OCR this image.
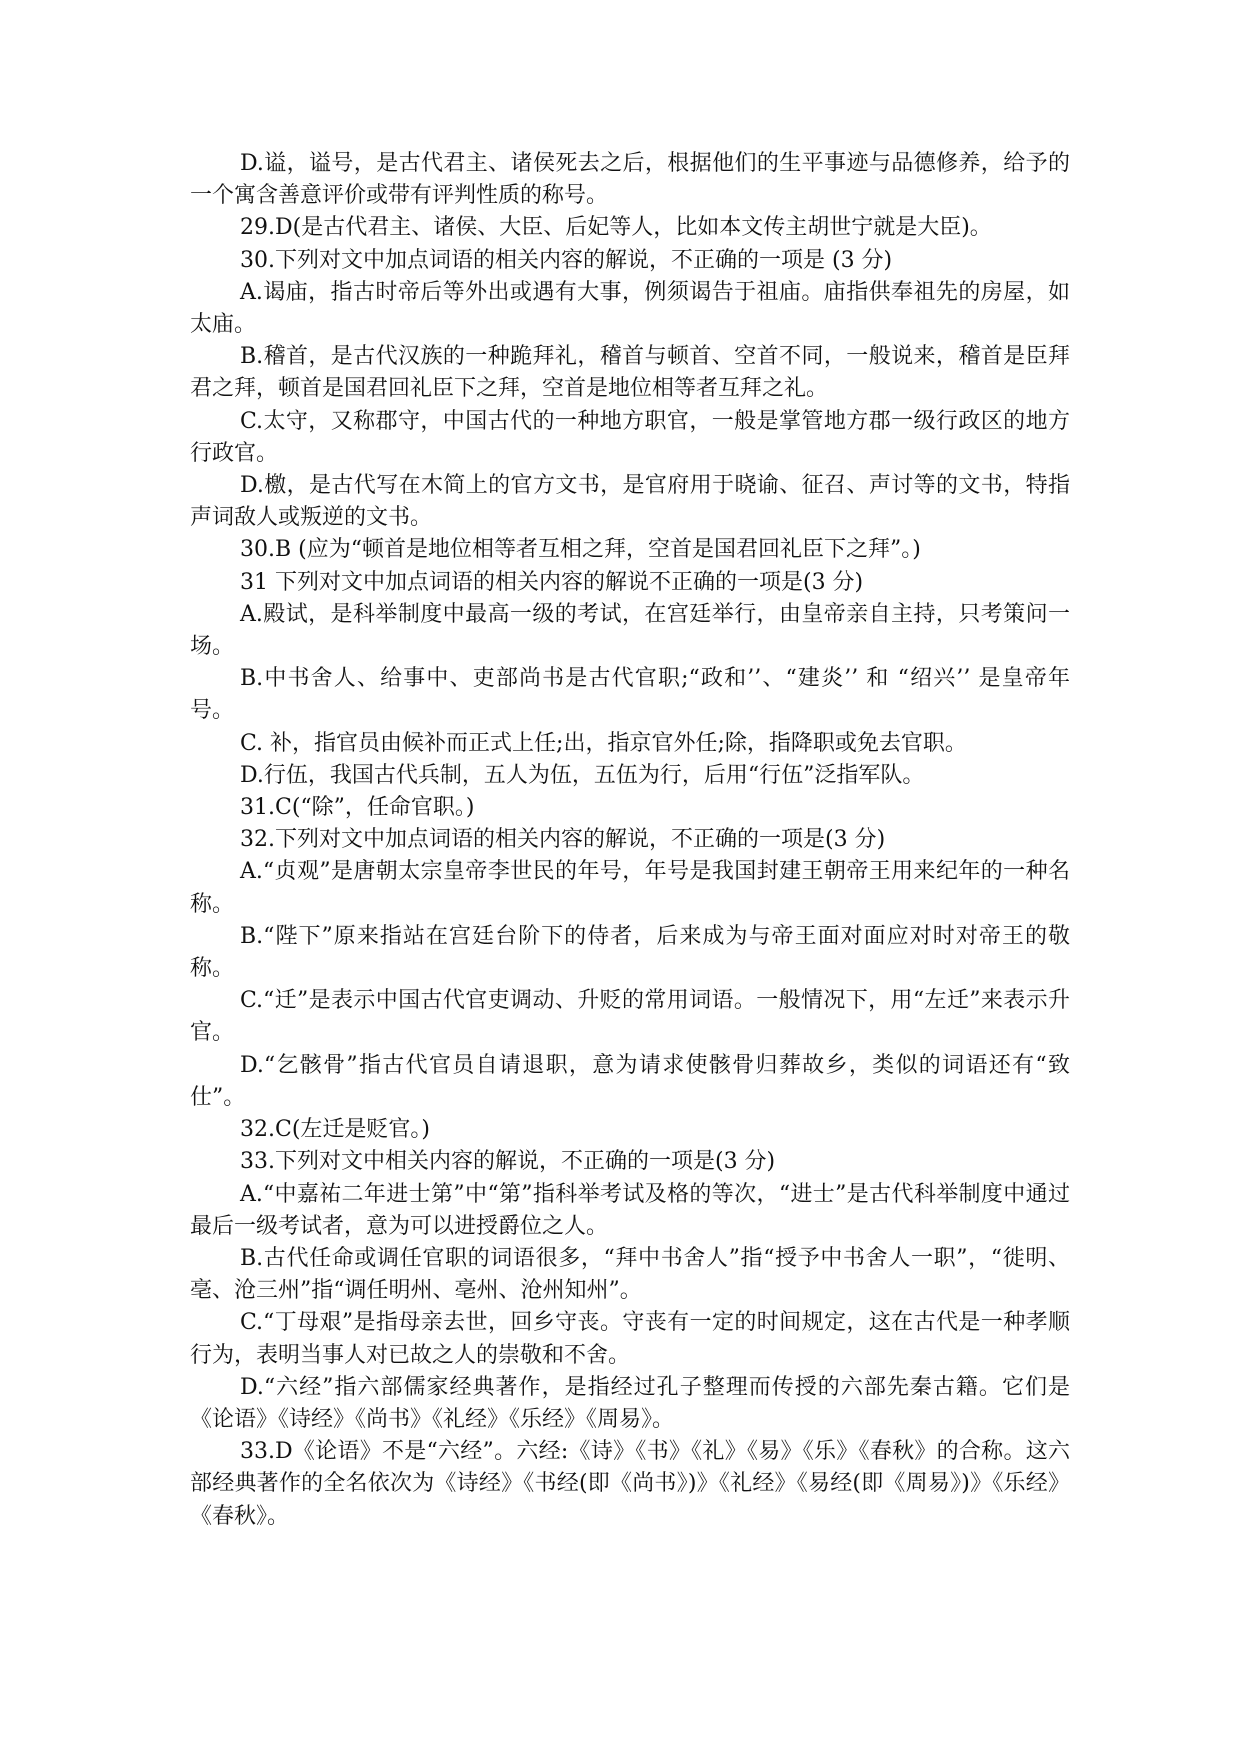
D.谥，谥号，是古代君主、诸侯死去之后，根据他们的生平事迹与品德修养，给予的一个寓含善意评价或带有评判性质的称号。

29.D(是古代君主、诸侯、大臣、后妃等人，比如本文传主胡世宁就是大臣)。

30.下列对文中加点词语的相关内容的解说，不正确的一项是 (3 分)

A.谒庙，指古时帝后等外出或遇有大事，例须谒告于祖庙。庙指供奉祖先的房屋，如太庙。

B.稽首，是古代汉族的一种跪拜礼，稽首与顿首、空首不同，一般说来，稽首是臣拜君之拜，顿首是国君回礼臣下之拜，空首是地位相等者互拜之礼。

C.太守，又称郡守，中国古代的一种地方职官，一般是掌管地方郡一级行政区的地方行政官。

D.檄，是古代写在木简上的官方文书，是官府用于晓谕、征召、声讨等的文书，特指声词敌人或叛逆的文书。

30.B (应为“顿首是地位相等者互相之拜，空首是国君回礼臣下之拜”。)

31 下列对文中加点词语的相关内容的解说不正确的一项是(3 分)

A.殿试，是科举制度中最高一级的考试，在宫廷举行，由皇帝亲自主持，只考策问一场。

B.中书舍人、给事中、吏部尚书是古代官职;“政和’’、“建炎’’ 和 “绍兴’’ 是皇帝年号。

C. 补，指官员由候补而正式上任;出，指京官外任;除，指降职或免去官职。

D.行伍，我国古代兵制，五人为伍，五伍为行，后用“行伍”泛指军队。

31.C(“除”，任命官职。)

32.下列对文中加点词语的相关内容的解说，不正确的一项是(3 分)

A.“贞观”是唐朝太宗皇帝李世民的年号，年号是我国封建王朝帝王用来纪年的一种名称。

B.“陛下”原来指站在宫廷台阶下的侍者，后来成为与帝王面对面应对时对帝王的敬称。

C.“迁”是表示中国古代官吏调动、升贬的常用词语。一般情况下，用“左迁”来表示升官。

D.“乞骸骨”指古代官员自请退职，意为请求使骸骨归葬故乡，类似的词语还有“致仕”。

32.C(左迁是贬官。)

33.下列对文中相关内容的解说，不正确的一项是(3 分)

A.“中嘉祐二年进士第”中“第”指科举考试及格的等次，“进士”是古代科举制度中通过最后一级考试者，意为可以进授爵位之人。

B.古代任命或调任官职的词语很多，“拜中书舍人”指“授予中书舍人一职”，“徙明、亳、沧三州”指“调任明州、亳州、沧州知州”。

C.“丁母艰”是指母亲去世，回乡守丧。守丧有一定的时间规定，这在古代是一种孝顺行为，表明当事人对已故之人的崇敬和不舍。

D.“六经”指六部儒家经典著作，是指经过孔子整理而传授的六部先秦古籍。它们是《论语》《诗经》《尚书》《礼经》《乐经》《周易》。

33.D《论语》不是“六经”。六经:《诗》《书》《礼》《易》《乐》《春秋》的合称。这六部经典著作的全名依次为《诗经》《书经(即《尚书》)》《礼经》《易经(即《周易》)》《乐经》《春秋》。
